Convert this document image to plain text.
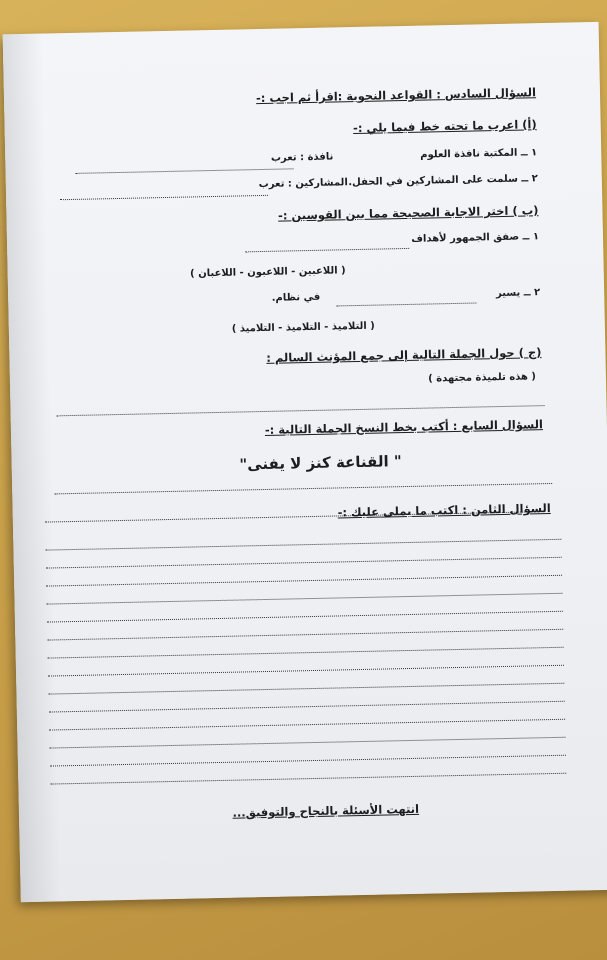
السؤال السادس : القواعد النحوية :اقرأ ثم اجب :-
(أ) اعرب ما تحته خط فيما يلي :-
١ ــ المكتبة نافذة العلوم
نافذة : تعرب
٢ ــ سلمت على المشاركين في الحفل.
المشاركين : تعرب
(ب ) اختر الاجابة الصحيحة مما بين القوسين :-
١ ــ صفق الجمهور لأهداف
( اللاعبين - اللاعبون - اللاعبان )
٢ ــ يسير
في نظام.
( التلاميذ - التلاميذ - التلاميذ )
(ج ) حول الجملة التالية إلى جمع المؤنث السالم :
( هذه تلميذة مجتهدة )
السؤال السابع : أكتب بخط النسخ الجملة التالية :-
" القناعة كنز لا يفنى"
السؤال الثامن : اكتب ما يملى عليك :-
انتهت الأسئلة بالنجاح والتوفيق...
